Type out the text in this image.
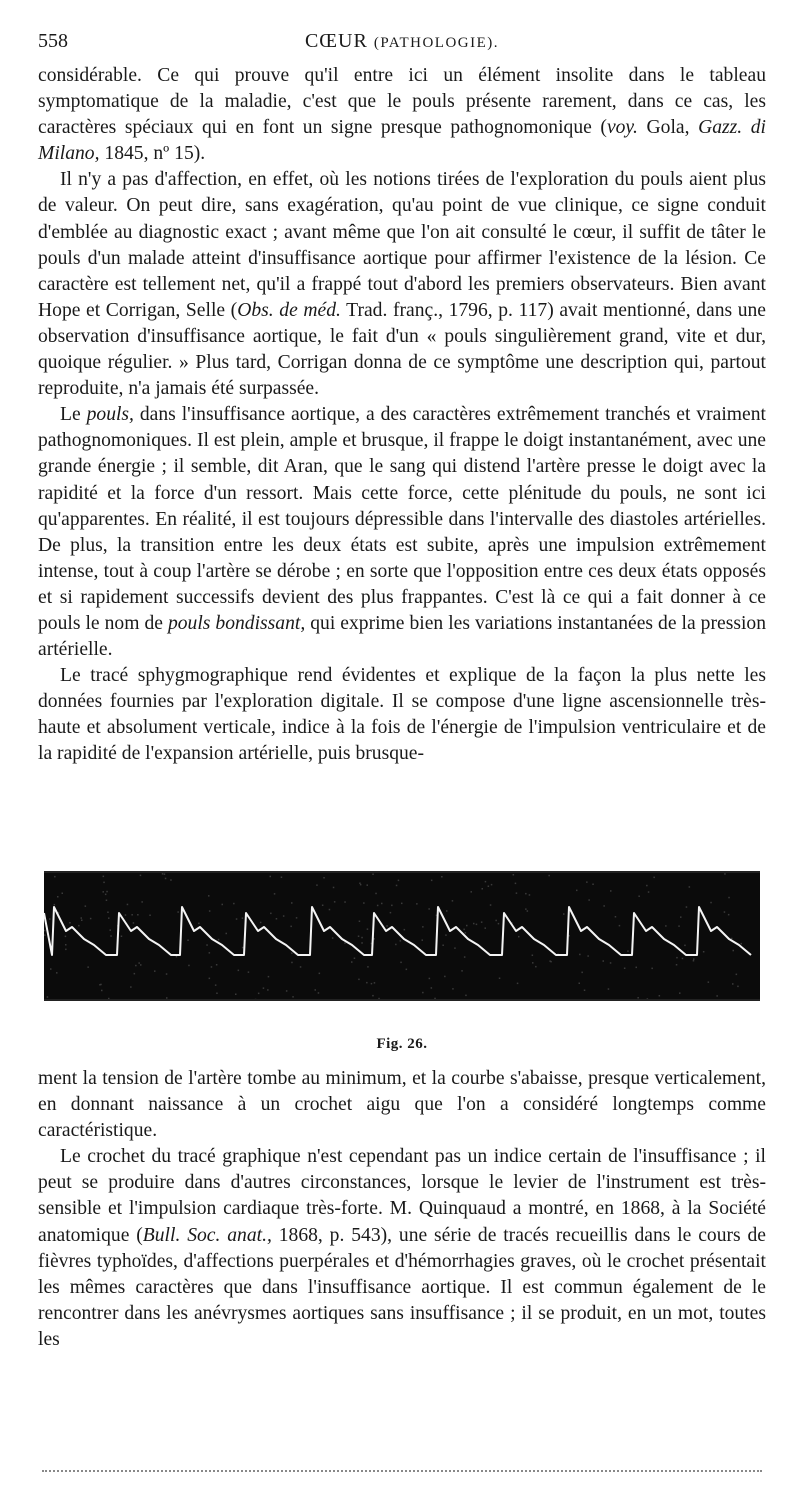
558	CŒUR (PATHOLOGIE).

considérable. Ce qui prouve qu'il entre ici un élément insolite dans le tableau symptomatique de la maladie, c'est que le pouls présente rarement, dans ce cas, les caractères spéciaux qui en font un signe presque pathognomonique (voy. Gola, Gazz. di Milano, 1845, nº 15).

Il n'y a pas d'affection, en effet, où les notions tirées de l'exploration du pouls aient plus de valeur. On peut dire, sans exagération, qu'au point de vue clinique, ce signe conduit d'emblée au diagnostic exact ; avant même que l'on ait consulté le cœur, il suffit de tâter le pouls d'un malade atteint d'insuffisance aortique pour affirmer l'existence de la lésion. Ce caractère est tellement net, qu'il a frappé tout d'abord les premiers observateurs. Bien avant Hope et Corrigan, Selle (Obs. de méd. Trad. franç., 1796, p. 117) avait mentionné, dans une observation d'insuffisance aortique, le fait d'un « pouls singulièrement grand, vite et dur, quoique régulier. » Plus tard, Corrigan donna de ce symptôme une description qui, partout reproduite, n'a jamais été surpassée.

Le pouls, dans l'insuffisance aortique, a des caractères extrêmement tranchés et vraiment pathognomoniques. Il est plein, ample et brusque, il frappe le doigt instantanément, avec une grande énergie ; il semble, dit Aran, que le sang qui distend l'artère presse le doigt avec la rapidité et la force d'un ressort. Mais cette force, cette plénitude du pouls, ne sont ici qu'apparentes. En réalité, il est toujours dépressible dans l'intervalle des diastoles artérielles. De plus, la transition entre les deux états est subite, après une impulsion extrêmement intense, tout à coup l'artère se dérobe ; en sorte que l'opposition entre ces deux états opposés et si rapidement successifs devient des plus frappantes. C'est là ce qui a fait donner à ce pouls le nom de pouls bondissant, qui exprime bien les variations instantanées de la pression artérielle.

Le tracé sphygmographique rend évidentes et explique de la façon la plus nette les données fournies par l'exploration digitale. Il se compose d'une ligne ascensionnelle très-haute et absolument verticale, indice à la fois de l'énergie de l'impulsion ventriculaire et de la rapidité de l'expansion artérielle, puis brusque-

Fig. 26.

ment la tension de l'artère tombe au minimum, et la courbe s'abaisse, presque verticalement, en donnant naissance à un crochet aigu que l'on a considéré longtemps comme caractéristique.

Le crochet du tracé graphique n'est cependant pas un indice certain de l'insuffisance ; il peut se produire dans d'autres circonstances, lorsque le levier de l'instrument est très-sensible et l'impulsion cardiaque très-forte. M. Quinquaud a montré, en 1868, à la Société anatomique (Bull. Soc. anat., 1868, p. 543), une série de tracés recueillis dans le cours de fièvres typhoïdes, d'affections puerpérales et d'hémorrhagies graves, où le crochet présentait les mêmes caractères que dans l'insuffisance aortique. Il est commun également de le rencontrer dans les anévrysmes aortiques sans insuffisance ; il se produit, en un mot, toutes les
